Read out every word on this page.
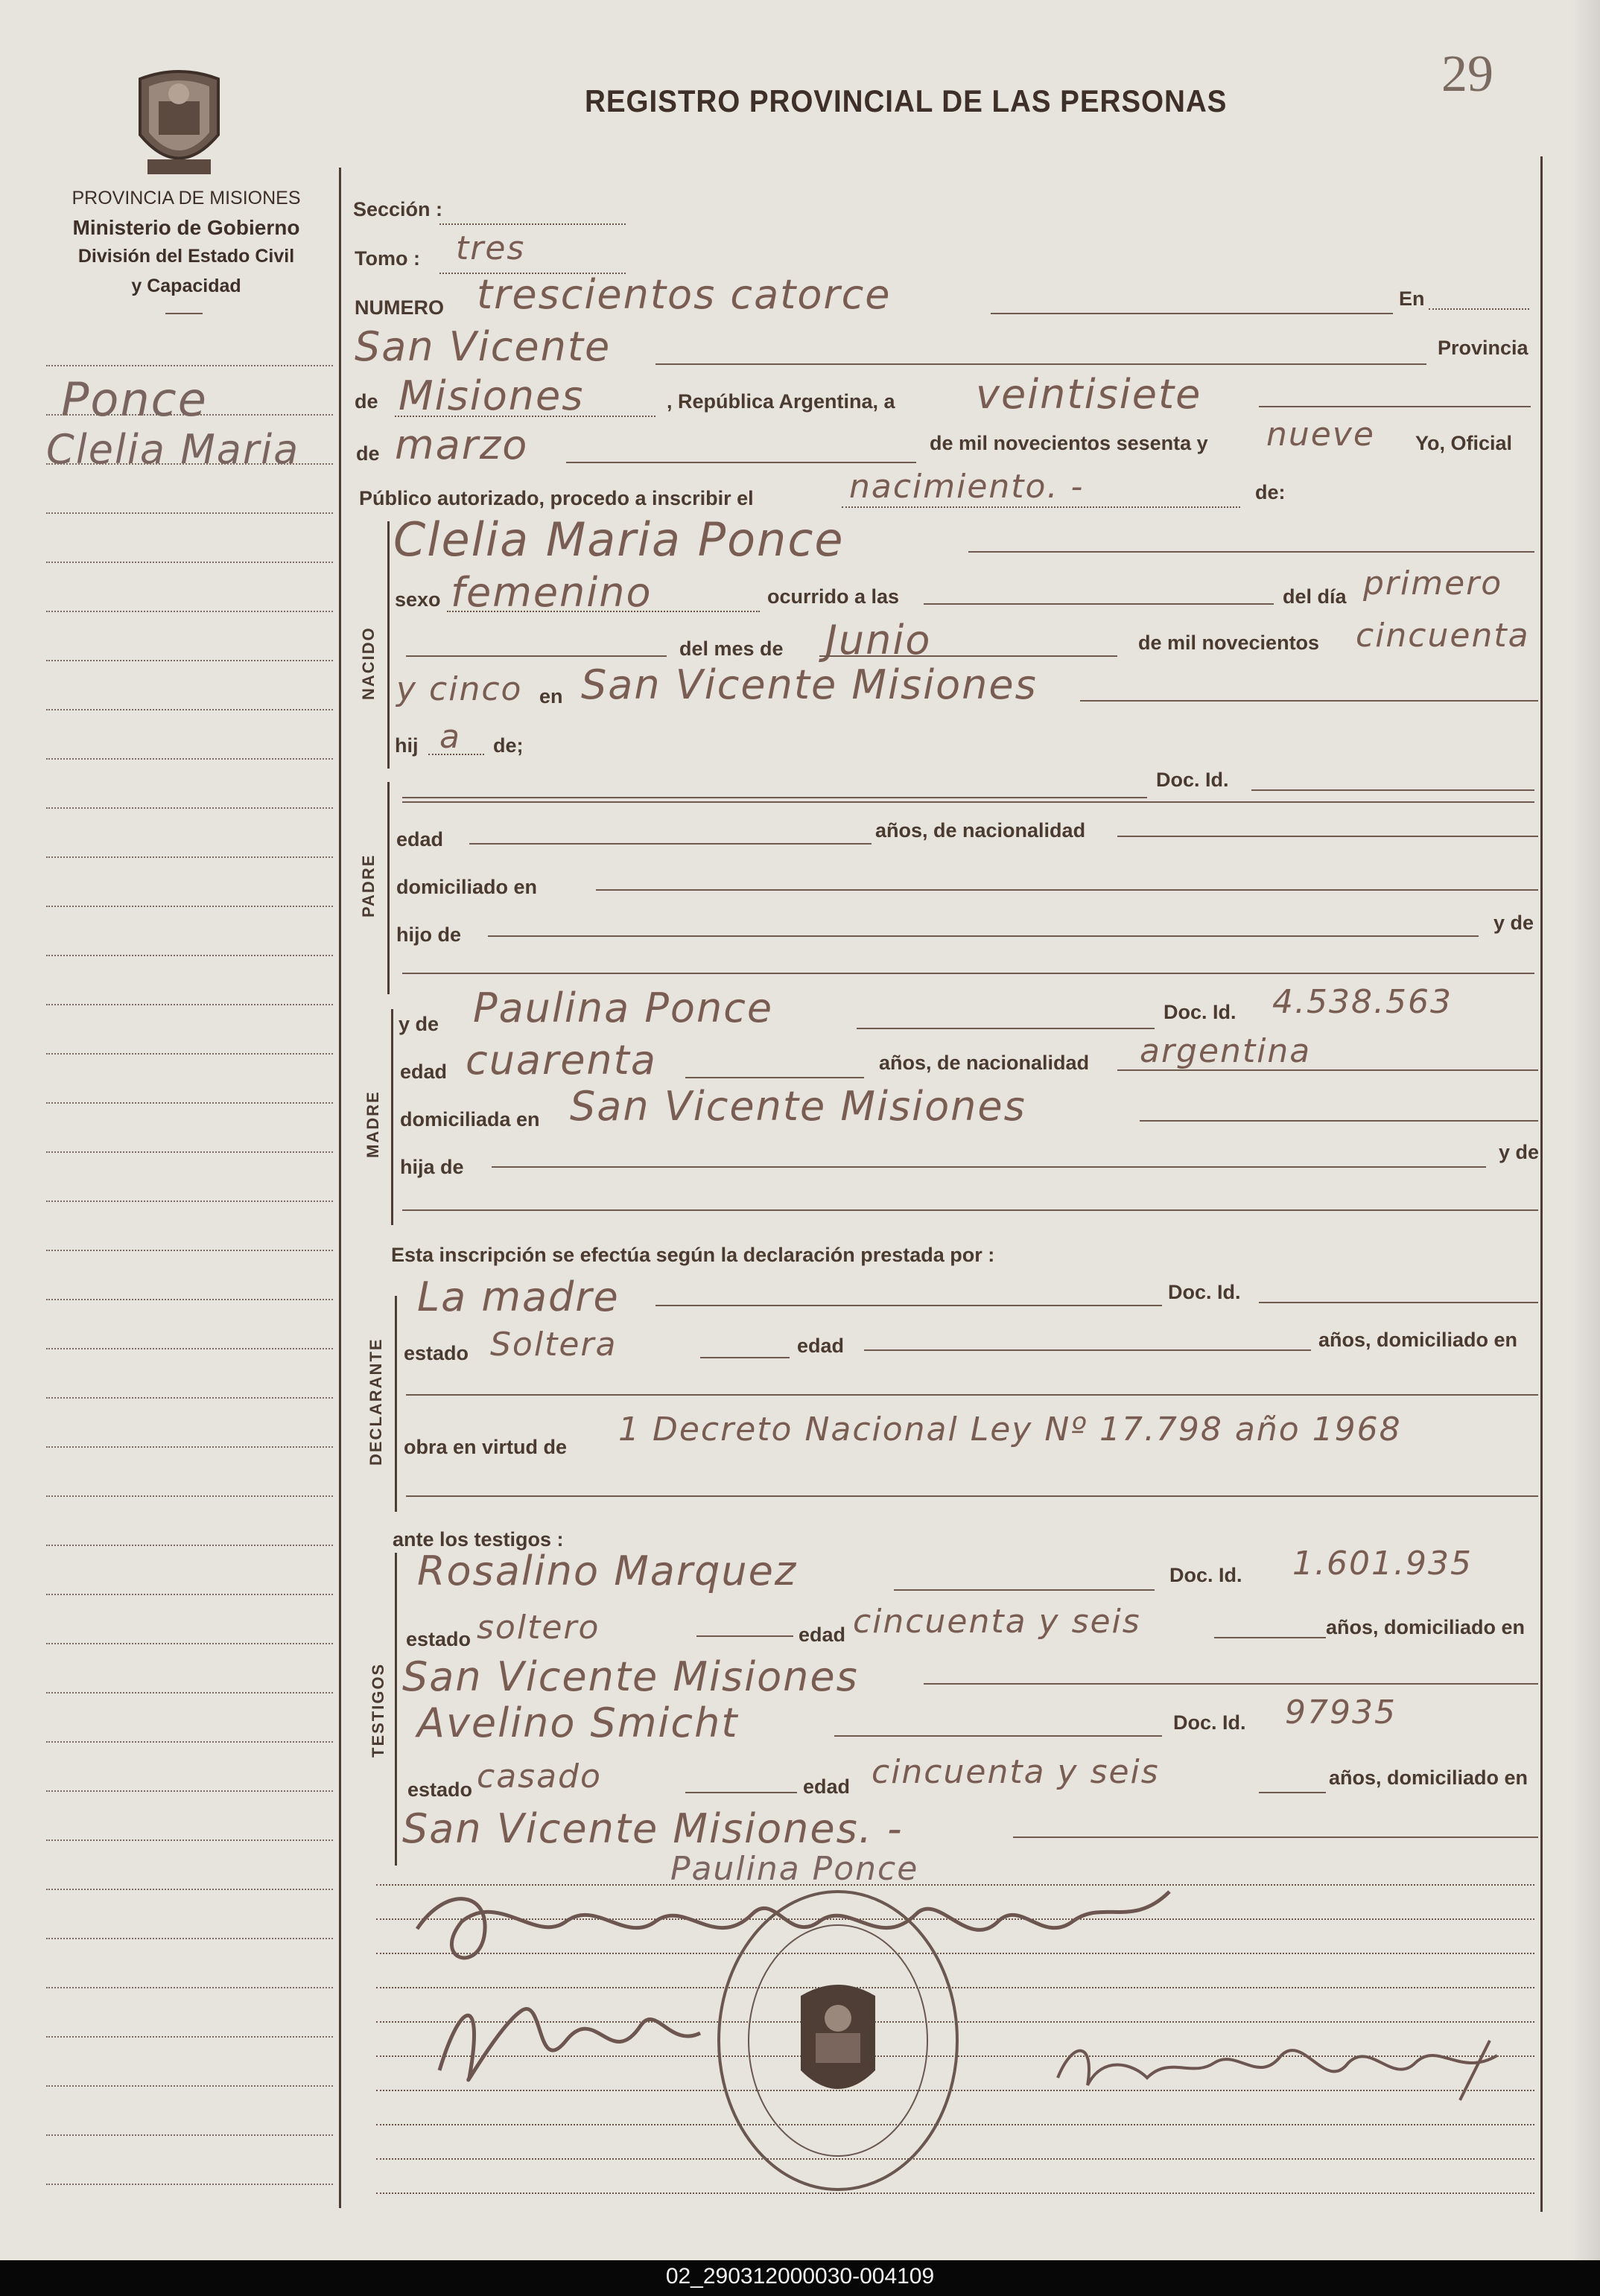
29
PROVINCIA DE MISIONES
Ministerio de Gobierno
División del Estado Civil
y Capacidad
REGISTRO PROVINCIAL DE LAS PERSONAS
Ponce
Clelia Maria
Sección :
Tomo : tres
NUMERO trescientos catorce	En
San Vicente	Provincia
de Misiones	, República Argentina, a veintisiete
de marzo	de mil novecientos sesenta y nueve Yo, Oficial
Público autorizado, procedo a inscribir el	nacimiento. -	de:
NACIDO
Clelia Maria Ponce
sexo femenino	ocurrido a las	del día primero
del mes de Junio	de mil novecientos cincuenta
y cinco en San Vicente Misiones
hij a de;
PADRE
Doc. Id.
edad	años, de nacionalidad
domiciliado en
hijo de
y de
MADRE
y de Paulina Ponce	Doc. Id. 4.538.563
edad cuarenta	años, de nacionalidad argentina
domiciliada en San Vicente Misiones
hija de
y de
Esta inscripción se efectúa según la declaración prestada por :
DECLARANTE
La madre	Doc. Id.
estado Soltera	edad	años, domiciliado en
obra en virtud de 1 Decreto Nacional Ley Nº 17.798 año 1968
ante los testigos :
TESTIGOS
Rosalino Marquez	Doc. Id. 1.601.935
estado soltero	edad cincuenta y seis	años, domiciliado en
San Vicente Misiones
Avelino Smicht	Doc. Id. 97935
estado casado	edad cincuenta y seis	años, domiciliado en
San Vicente Misiones. -
Paulina Ponce
02_290312000030-004109
